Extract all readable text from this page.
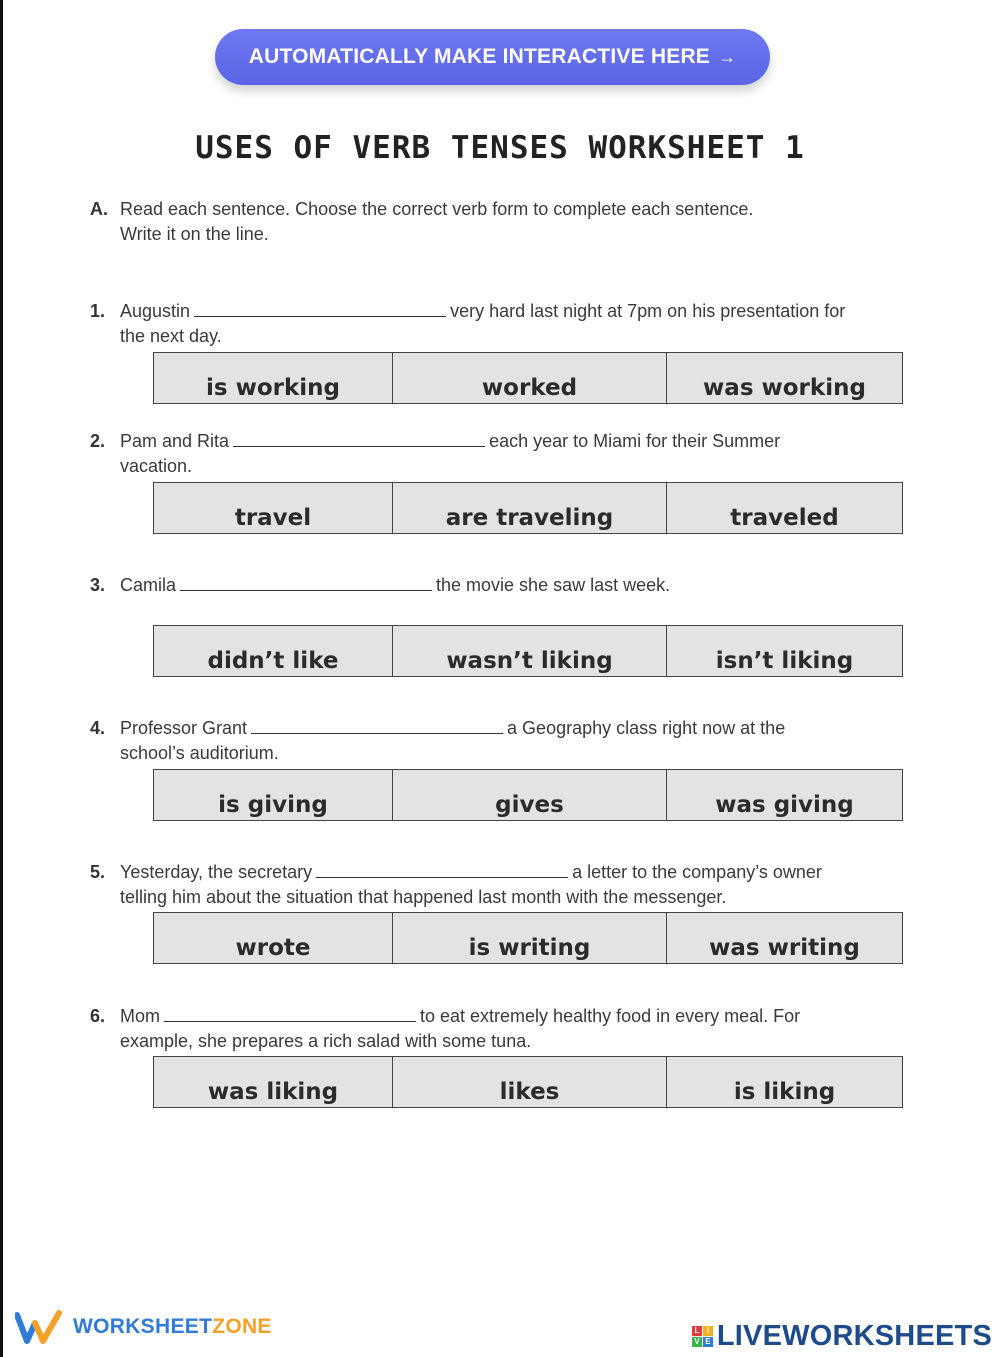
AUTOMATICALLY MAKE INTERACTIVE HERE →
USES OF VERB TENSES WORKSHEET 1
A. Read each sentence. Choose the correct verb form to complete each sentence.
Write it on the line.
1. Augustin	very hard last night at 7pm on his presentation for
the next day.
is working	worked	was working
2. Pam and Rita	each year to Miami for their Summer
vacation.
travel	are traveling	traveled
3. Camila	the movie she saw last week.
didn’t like	wasn’t liking	isn’t liking
4. Professor Grant	a Geography class right now at the
school’s auditorium.
is giving	gives	was giving
5. Yesterday, the secretary	a letter to the company’s owner
telling him about the situation that happened last month with the messenger.
wrote	is writing	was writing
6. Mom	to eat extremely healthy food in every meal. For
example, she prepares a rich salad with some tuna.
was liking	likes	is liking
WORKSHEETZONE	L I
V E LIVEWORKSHEETS
